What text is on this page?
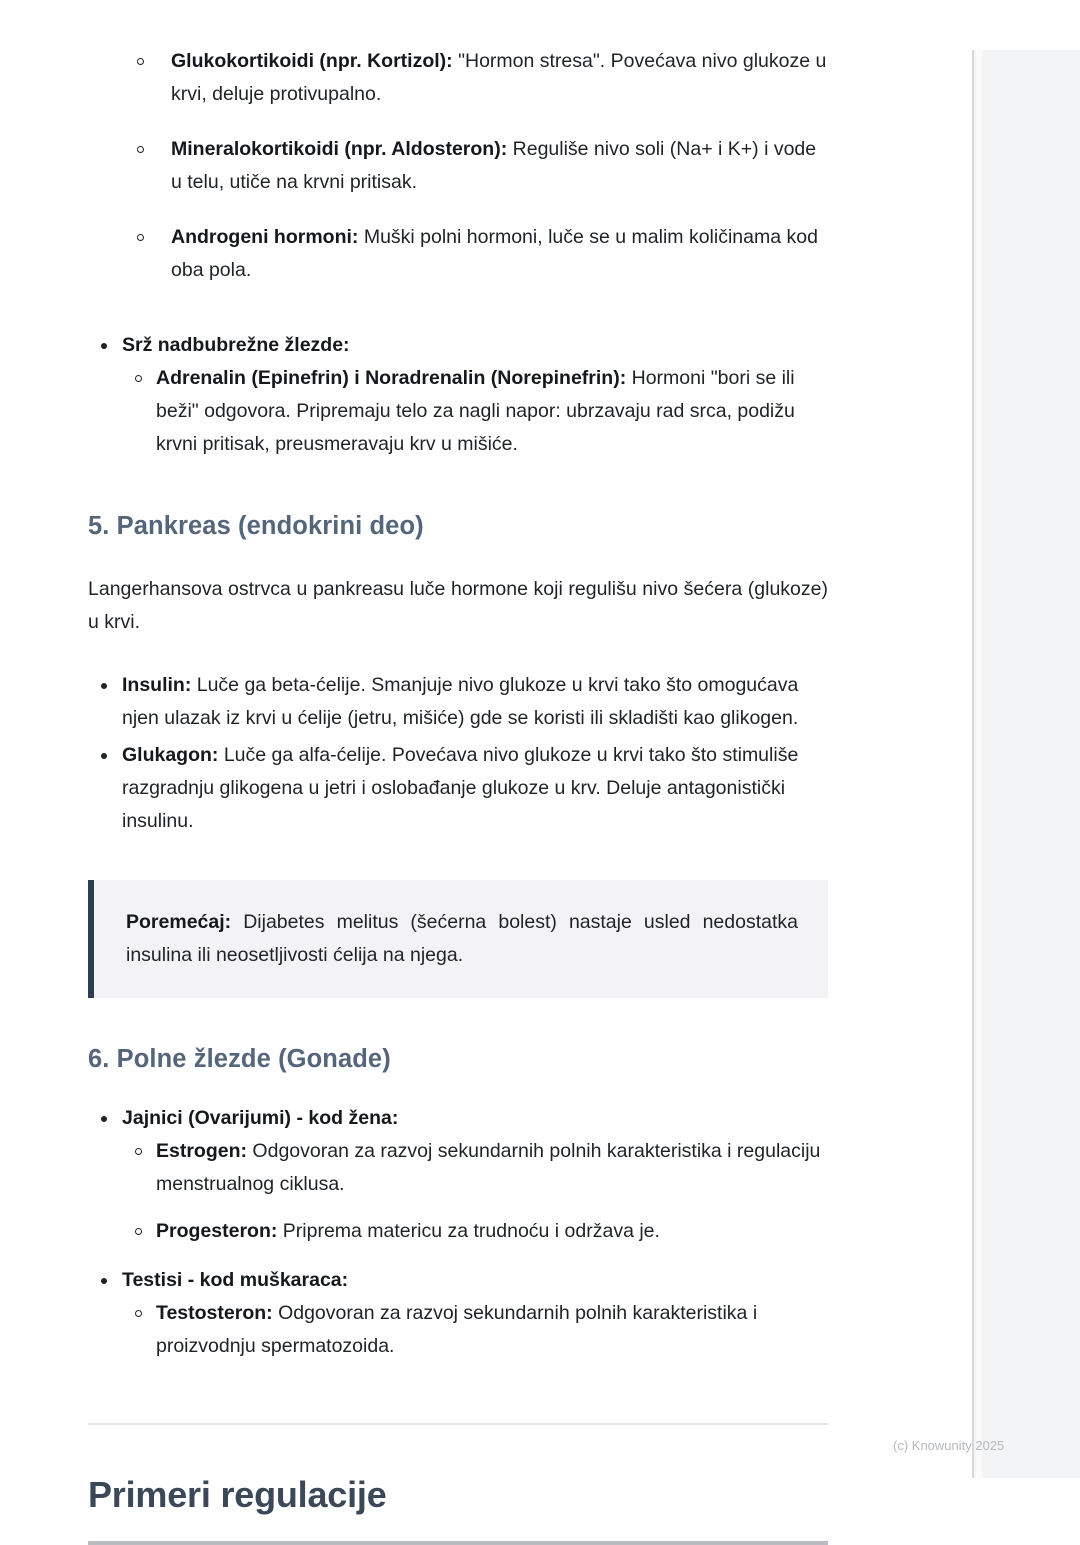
Glukokortikoidi (npr. Kortizol): "Hormon stresa". Povećava nivo glukoze u krvi, deluje protivupalno.
Mineralokortikoidi (npr. Aldosteron): Reguliše nivo soli (Na+ i K+) i vode u telu, utiče na krvni pritisak.
Androgeni hormoni: Muški polni hormoni, luče se u malim količinama kod oba pola.
Srž nadbubrežne žlezde:
Adrenalin (Epinefrin) i Noradrenalin (Norepinefrin): Hormoni "bori se ili beži" odgovora. Pripremaju telo za nagli napor: ubrzavaju rad srca, podižu krvni pritisak, preusmeravaju krv u mišiće.
5. Pankreas (endokrini deo)

Langerhansova ostrvca u pankreasu luče hormone koji regulišu nivo šećera (glukoze) u krvi.

Insulin: Luče ga beta-ćelije. Smanjuje nivo glukoze u krvi tako što omogućava njen ulazak iz krvi u ćelije (jetru, mišiće) gde se koristi ili skladišti kao glikogen.
Glukagon: Luče ga alfa-ćelije. Povećava nivo glukoze u krvi tako što stimuliše razgradnju glikogena u jetri i oslobađanje glukoze u krv. Deluje antagonistički insulinu.

Poremećaj: Dijabetes melitus (šećerna bolest) nastaje usled nedostatka insulina ili neosetljivosti ćelija na njega.

6. Polne žlezde (Gonade)
Jajnici (Ovarijumi) - kod žena:
Estrogen: Odgovoran za razvoj sekundarnih polnih karakteristika i regulaciju menstrualnog ciklusa.
Progesteron: Priprema matericu za trudnoću i održava je.
Testisi - kod muškaraca:
Testosteron: Odgovoran za razvoj sekundarnih polnih karakteristika i proizvodnju spermatozoida.
Primeri regulacije
(c) Knowunity 2025
